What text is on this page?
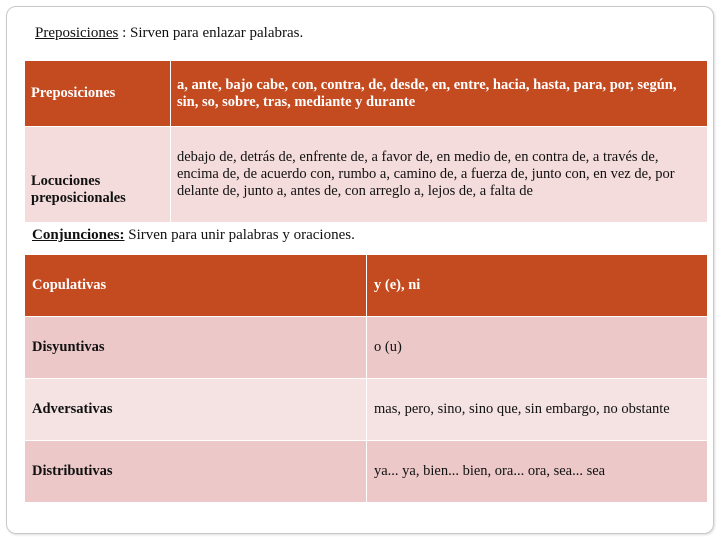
Preposiciones : Sirven para enlazar palabras.
Preposiciones	a, ante, bajo cabe, con, contra, de, desde, en, entre, hacia, hasta, para, por, según, sin, so, sobre, tras, mediante y durante
Locuciones preposicionales	debajo de, detrás de, enfrente de, a favor de, en medio de, en contra de, a través de, encima de, de acuerdo con, rumbo a, camino de, a fuerza de, junto con, en vez de, por delante de, junto a, antes de, con arreglo a, lejos de, a falta de
Conjunciones: Sirven para unir palabras y oraciones.
Copulativas	y (e), ni
Disyuntivas	o (u)
Adversativas	mas, pero, sino, sino que, sin embargo, no obstante
Distributivas	ya... ya, bien... bien, ora... ora, sea... sea
